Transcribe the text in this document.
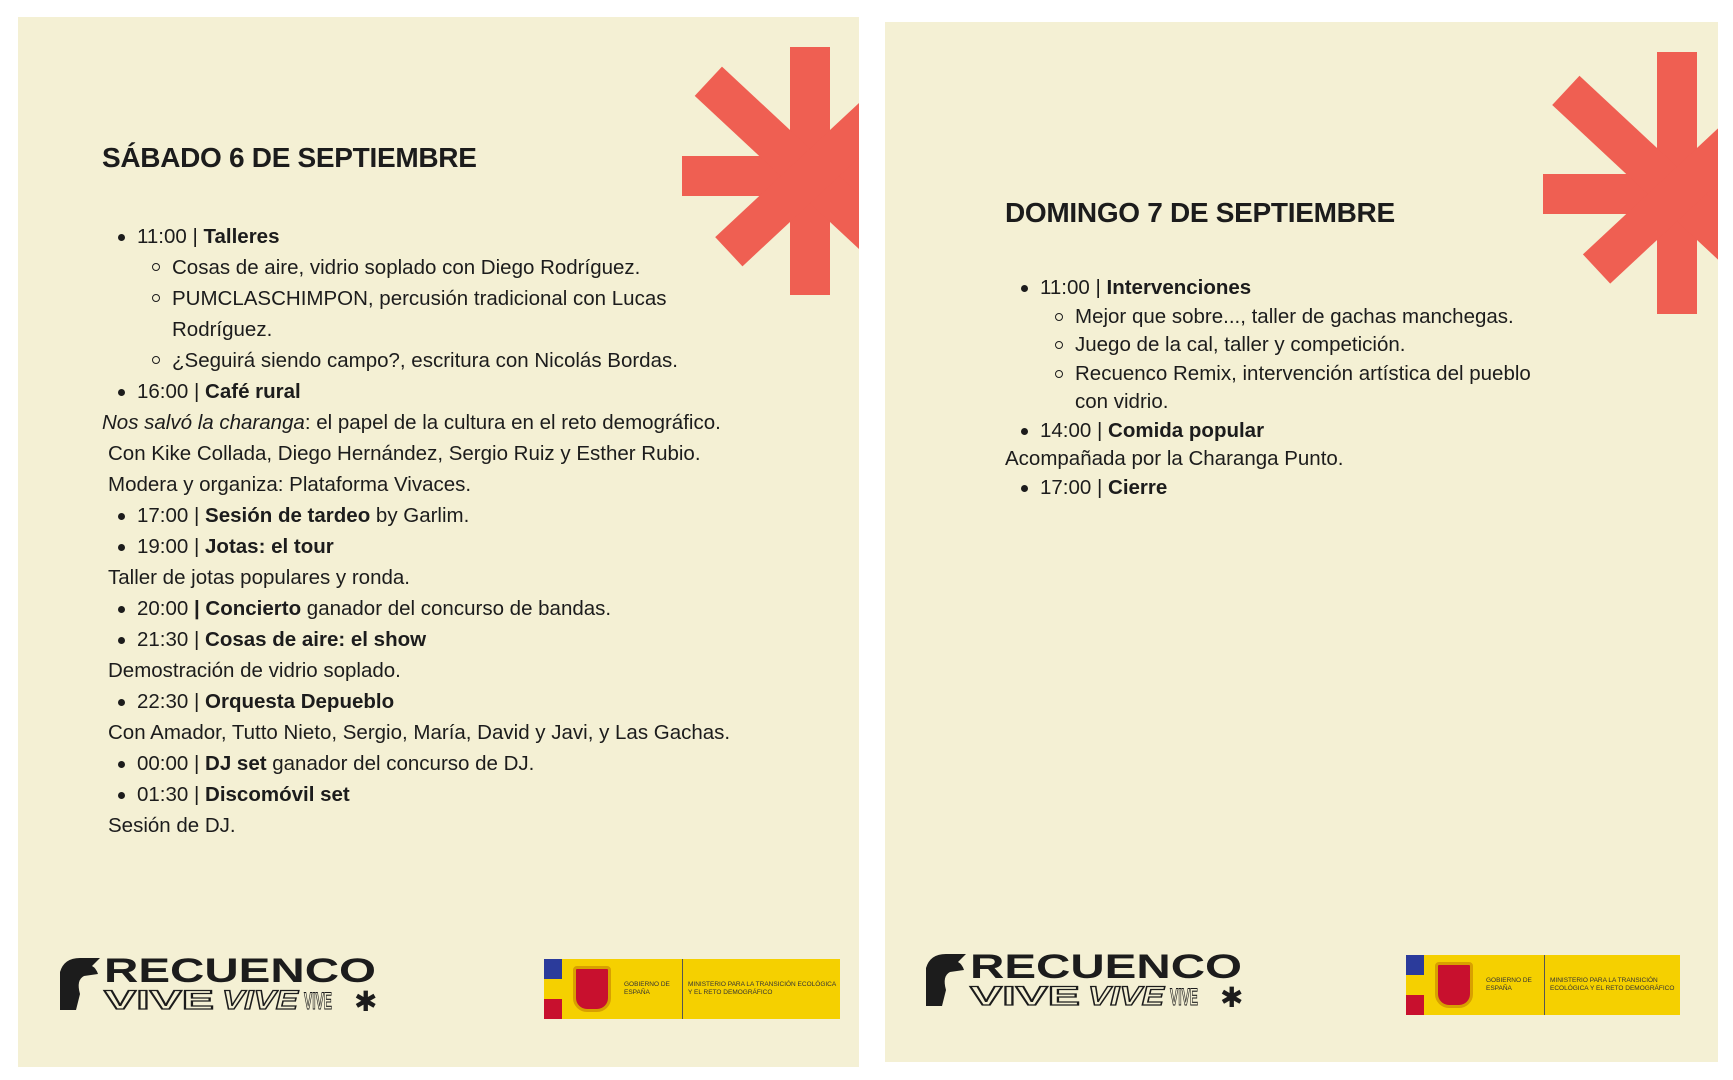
SÁBADO 6 DE SEPTIEMBRE
11:00 | Talleres
Cosas de aire, vidrio soplado con Diego Rodríguez.
PUMCLASCHIMPON, percusión tradicional con Lucas
Rodríguez.
¿Seguirá siendo campo?, escritura con Nicolás Bordas.
16:00 | Café rural
Nos salvó la charanga: el papel de la cultura en el reto demográfico.
Con Kike Collada, Diego Hernández, Sergio Ruiz y Esther Rubio.
Modera y organiza: Plataforma Vivaces.
17:00 | Sesión de tardeo by Garlim.
19:00 | Jotas: el tour
Taller de jotas populares y ronda.
20:00 | Concierto ganador del concurso de bandas.
21:30 | Cosas de aire: el show
Demostración de vidrio soplado.
22:30 | Orquesta Depueblo
Con Amador, Tutto Nieto, Sergio, María, David y Javi, y Las Gachas.
00:00 | DJ set ganador del concurso de DJ.
01:30 | Discomóvil set
Sesión de DJ.
RECUENCO
VIVE VIVE VIVE ✱
GOBIERNO DE ESPAÑA
MINISTERIO PARA LA TRANSICIÓN ECOLÓGICA Y EL RETO DEMOGRÁFICO
DOMINGO 7 DE SEPTIEMBRE
11:00 | Intervenciones
Mejor que sobre..., taller de gachas manchegas.
Juego de la cal, taller y competición.
Recuenco Remix, intervención artística del pueblo
con vidrio.
14:00 | Comida popular
Acompañada por la Charanga Punto.
17:00 | Cierre
RECUENCO
VIVE VIVE VIVE ✱
GOBIERNO DE ESPAÑA
MINISTERIO PARA LA TRANSICIÓN ECOLÓGICA Y EL RETO DEMOGRÁFICO
